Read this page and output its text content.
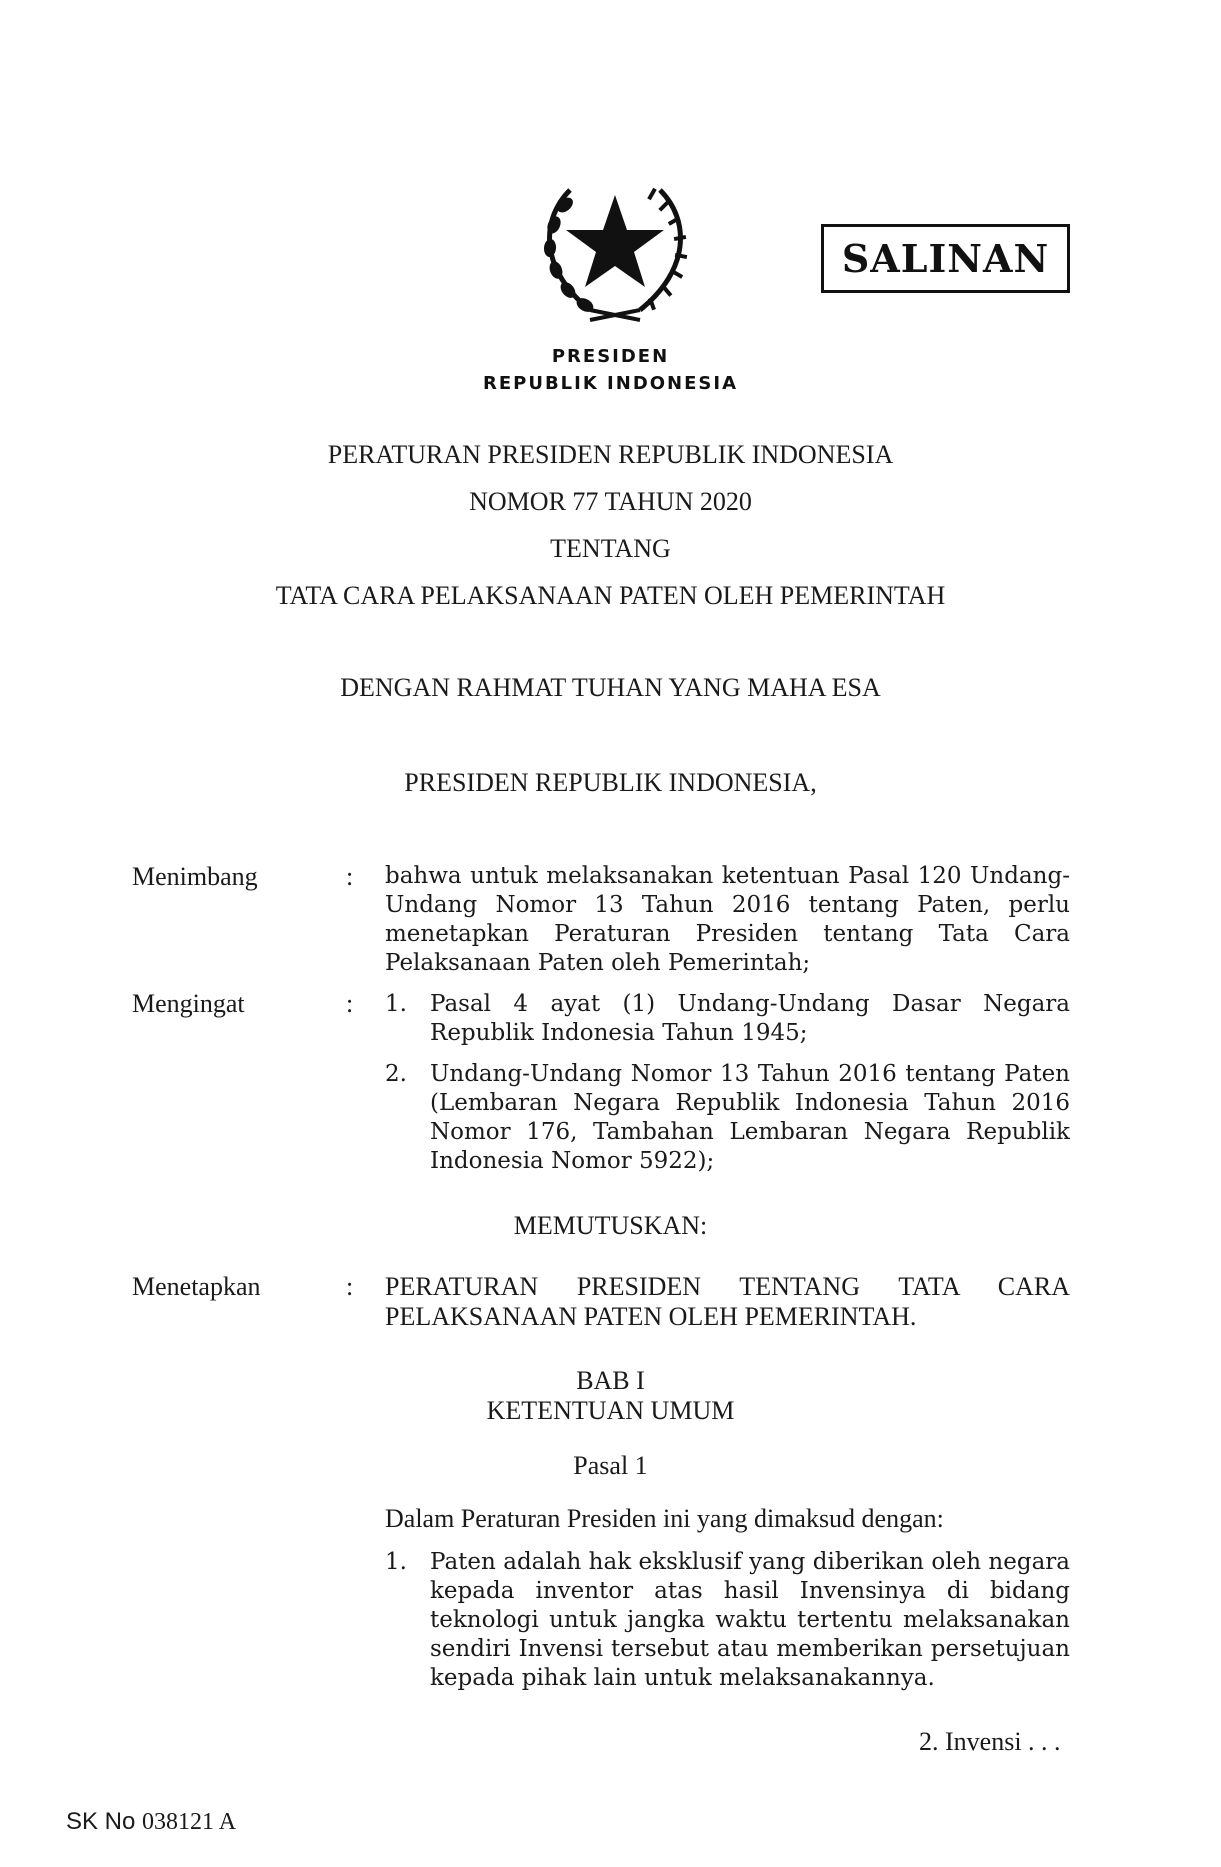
SALINAN
PRESIDEN
REPUBLIK INDONESIA
PERATURAN PRESIDEN REPUBLIK INDONESIA
NOMOR 77 TAHUN 2020
TENTANG
TATA CARA PELAKSANAAN PATEN OLEH PEMERINTAH
DENGAN RAHMAT TUHAN YANG MAHA ESA
PRESIDEN REPUBLIK INDONESIA,
Menimbang	: bahwa untuk melaksanakan ketentuan Pasal 120 Undang-Undang Nomor 13 Tahun 2016 tentang Paten, perlu menetapkan Peraturan Presiden tentang Tata Cara Pelaksanaan Paten oleh Pemerintah;
Mengingat	: 1. Pasal 4 ayat (1) Undang-Undang Dasar Negara Republik Indonesia Tahun 1945;
2. Undang-Undang Nomor 13 Tahun 2016 tentang Paten (Lembaran Negara Republik Indonesia Tahun 2016 Nomor 176, Tambahan Lembaran Negara Republik Indonesia Nomor 5922);
MEMUTUSKAN:
Menetapkan	: PERATURAN PRESIDEN TENTANG TATA CARA PELAKSANAAN PATEN OLEH PEMERINTAH.
BAB I
KETENTUAN UMUM
Pasal 1
Dalam Peraturan Presiden ini yang dimaksud dengan:
1. Paten adalah hak eksklusif yang diberikan oleh negara kepada inventor atas hasil Invensinya di bidang teknologi untuk jangka waktu tertentu melaksanakan sendiri Invensi tersebut atau memberikan persetujuan kepada pihak lain untuk melaksanakannya.
2. Invensi . . .
SK No 038121 A
